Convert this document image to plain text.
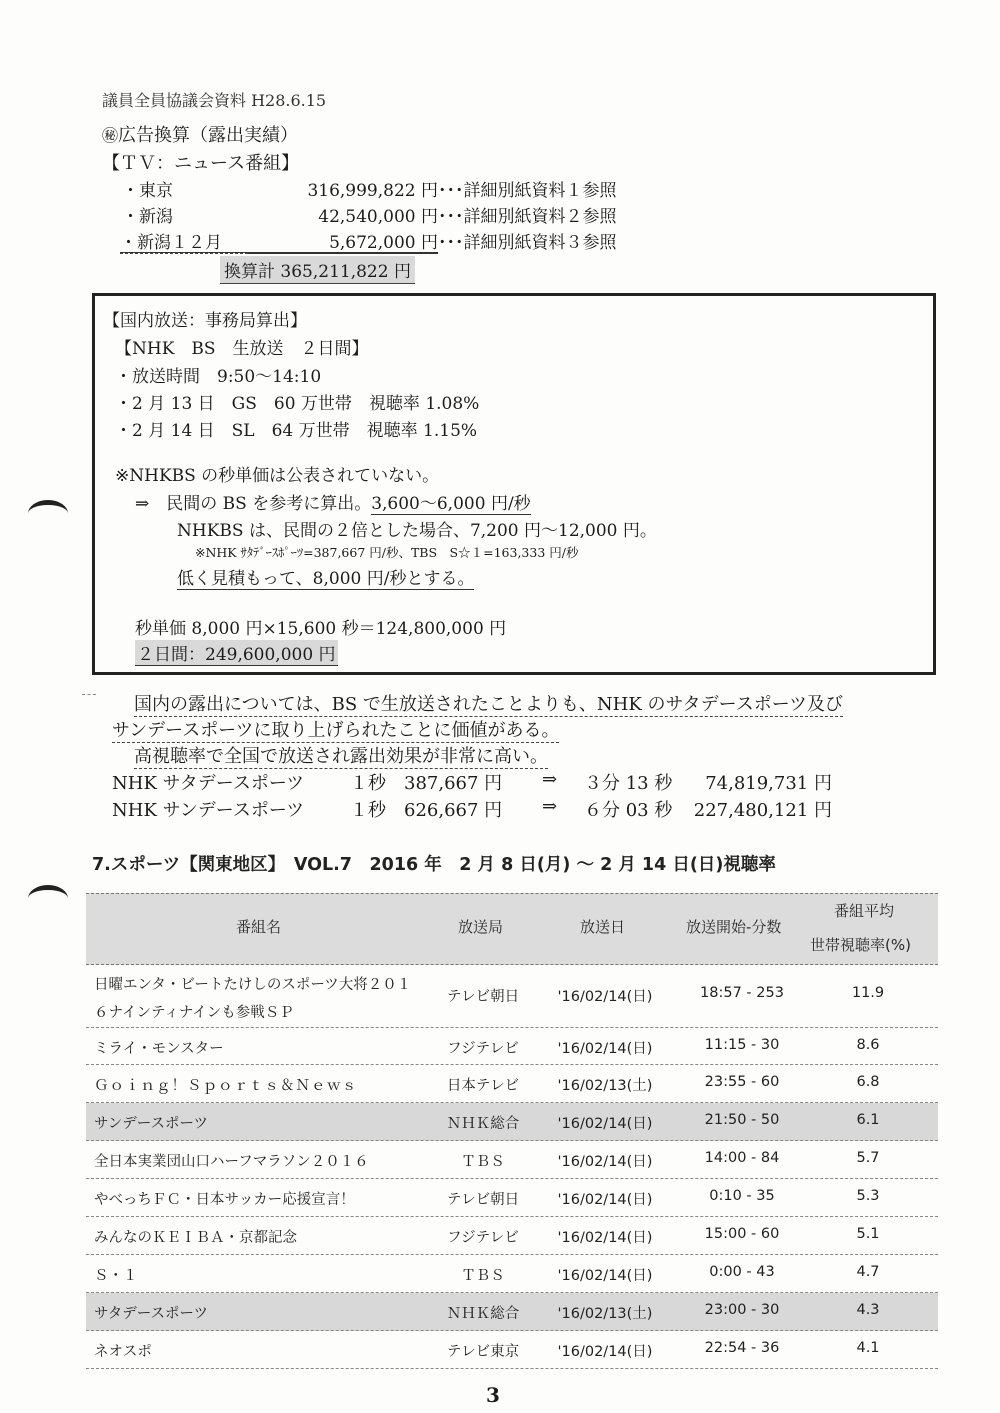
議員全員協議会資料 H28.6.15
㊙広告換算（露出実績）
【ＴＶ：ニュース番組】
・東京	316,999,822 円 ･･･詳細別紙資料１参照
・新潟	42,540,000 円 ･･･詳細別紙資料２参照
・新潟１２月	5,672,000 円 ･･･詳細別紙資料３参照
換算計 365,211,822 円
【国内放送：事務局算出】
【NHK　BS　生放送　２日間】
・放送時間　9:50～14:10
・2 月 13 日　GS　60 万世帯　視聴率 1.08%
・2 月 14 日　SL　64 万世帯　視聴率 1.15%
※NHKBS の秒単価は公表されていない。
⇒　民間の BS を参考に算出。3,600～6,000 円/秒
NHKBS は、民間の２倍とした場合、7,200 円～12,000 円。
※NHK ｻﾀﾃﾞｰｽﾎﾟｰﾂ=387,667 円/秒、TBS　S☆１=163,333 円/秒
低く見積もって、8,000 円/秒とする。
秒単価 8,000 円×15,600 秒＝124,800,000 円
２日間：249,600,000 円
国内の露出については、BS で生放送されたことよりも、NHK のサタデースポーツ及び
サンデースポーツに取り上げられたことに価値がある。
高視聴率で全国で放送され露出効果が非常に高い。
NHK サタデースポーツ	１秒 387,667 円 ⇒ ３分 13 秒	74,819,731 円
NHK サンデースポーツ	１秒 626,667 円 ⇒ ６分 03 秒	227,480,121 円
7.スポーツ【関東地区】　VOL.7　2016 年　2 月 8 日(月) ～ 2 月 14 日(日)視聴率
番組名	放送局	放送日	放送開始-分数
番組平均
世帯視聴率(%)
日曜エンタ・ビートたけしのスポーツ大将２０１
６ナインティナインも参戦ＳＰ
テレビ朝日	'16/02/14(日)	18:57 - 253	11.9
ミライ・モンスター	フジテレビ	'16/02/14(日)	11:15 - 30	8.6
Ｇｏｉｎｇ！Ｓｐｏｒｔｓ＆Ｎｅｗｓ	日本テレビ	'16/02/13(土)	23:55 - 60	6.8
サンデースポーツ	ＮＨＫ総合	'16/02/14(日)	21:50 - 50	6.1
全日本実業団山口ハーフマラソン２０１６	ＴＢＳ	'16/02/14(日)	14:00 - 84	5.7
やべっちＦＣ・日本サッカー応援宣言！	テレビ朝日	'16/02/14(日)	0:10 - 35	5.3
みんなのＫＥＩＢＡ・京都記念	フジテレビ	'16/02/14(日)	15:00 - 60	5.1
Ｓ・１	ＴＢＳ	'16/02/14(日)	0:00 - 43	4.7
サタデースポーツ	ＮＨＫ総合	'16/02/13(土)	23:00 - 30	4.3
ネオスポ	テレビ東京	'16/02/14(日)	22:54 - 36	4.1
3
